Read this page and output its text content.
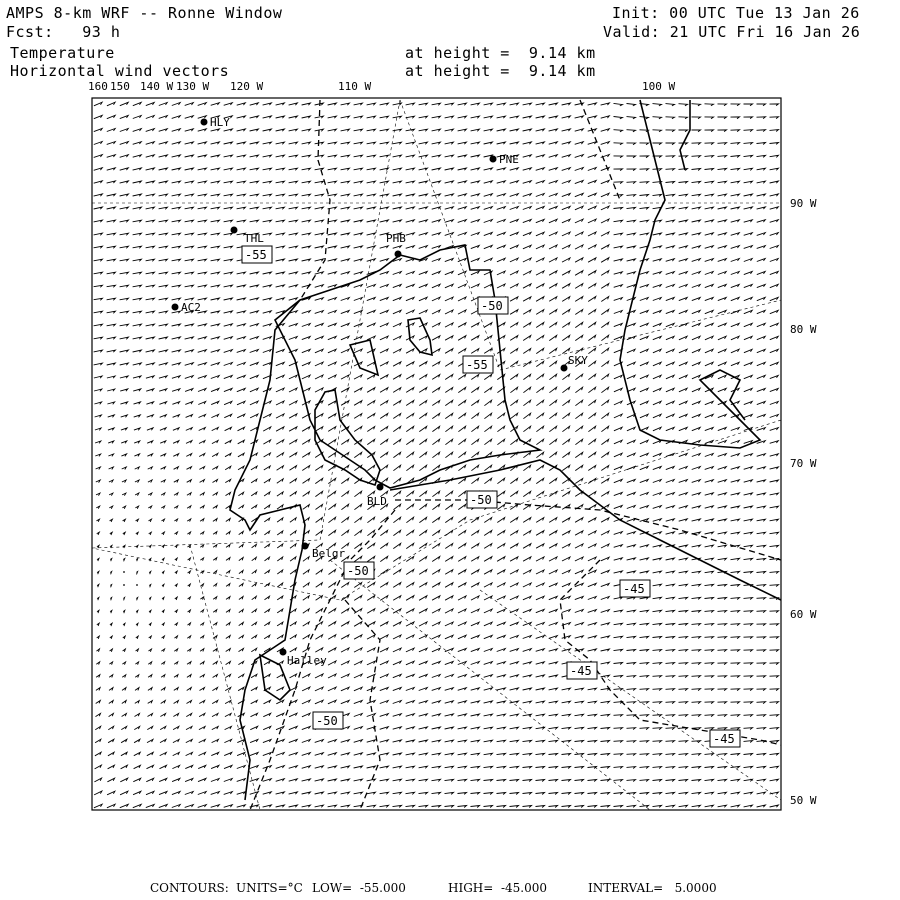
AMPS 8-km WRF -- Ronne Window
Fcst:   93 h
Temperature
Horizontal wind vectors
at height =  9.14 km
at height =  9.14 km
Init: 00 UTC Tue 13 Jan 26
Valid: 21 UTC Fri 16 Jan 26
160 150 140 W 130 W 120 W	110 W	100 W
90 W
80 W
70 W
60 W
50 W
HLY
PNE
THL	PHB
AC2
SKY
BLD
Belgr
Halley
-55
-50
-55
-50
-50
-45
-45
-50
-45
CONTOURS: UNITS=°C LOW=  -55.000	HIGH=  -45.000	INTERVAL=   5.0000
